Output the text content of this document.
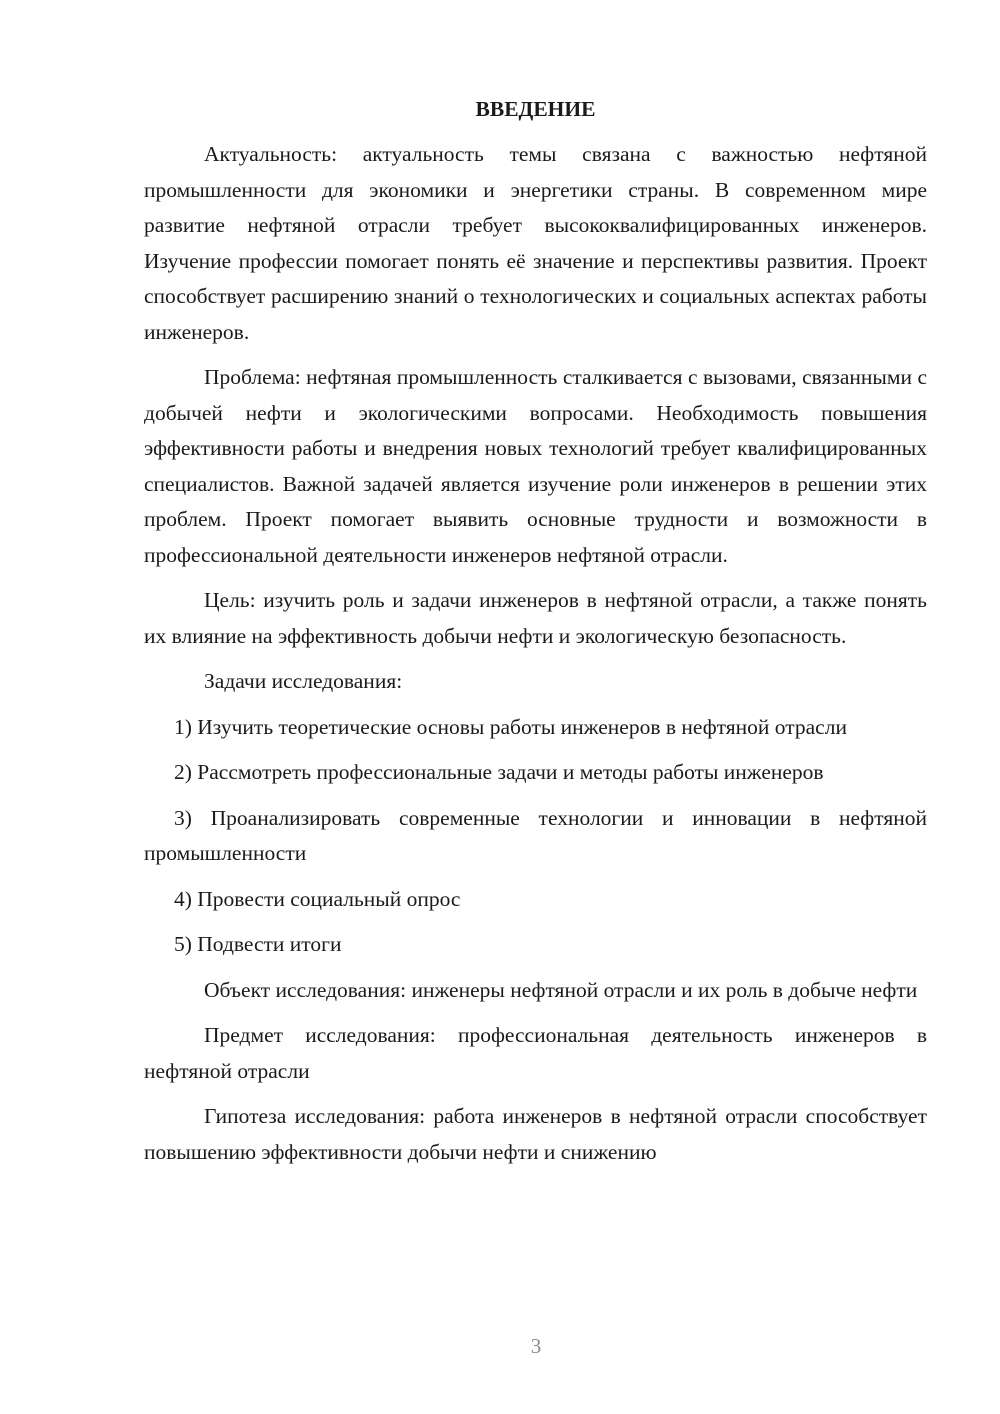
ВВЕДЕНИЕ

Актуальность: актуальность темы связана с важностью нефтяной промышленности для экономики и энергетики страны. В современном мире развитие нефтяной отрасли требует высококвалифицированных инженеров. Изучение профессии помогает понять её значение и перспективы развития. Проект способствует расширению знаний о технологических и социальных аспектах работы инженеров.

Проблема: нефтяная промышленность сталкивается с вызовами, связанными с добычей нефти и экологическими вопросами. Необходимость повышения эффективности работы и внедрения новых технологий требует квалифицированных специалистов. Важной задачей является изучение роли инженеров в решении этих проблем. Проект помогает выявить основные трудности и возможности в профессиональной деятельности инженеров нефтяной отрасли.

Цель: изучить роль и задачи инженеров в нефтяной отрасли, а также понять их влияние на эффективность добычи нефти и экологическую безопасность.

Задачи исследования:

1) Изучить теоретические основы работы инженеров в нефтяной отрасли

2) Рассмотреть профессиональные задачи и методы работы инженеров

3) Проанализировать современные технологии и инновации в нефтяной промышленности

4) Провести социальный опрос

5) Подвести итоги

Объект исследования: инженеры нефтяной отрасли и их роль в добыче нефти

Предмет исследования: профессиональная деятельность инженеров в нефтяной отрасли

Гипотеза исследования: работа инженеров в нефтяной отрасли способствует повышению эффективности добычи нефти и снижению

3
